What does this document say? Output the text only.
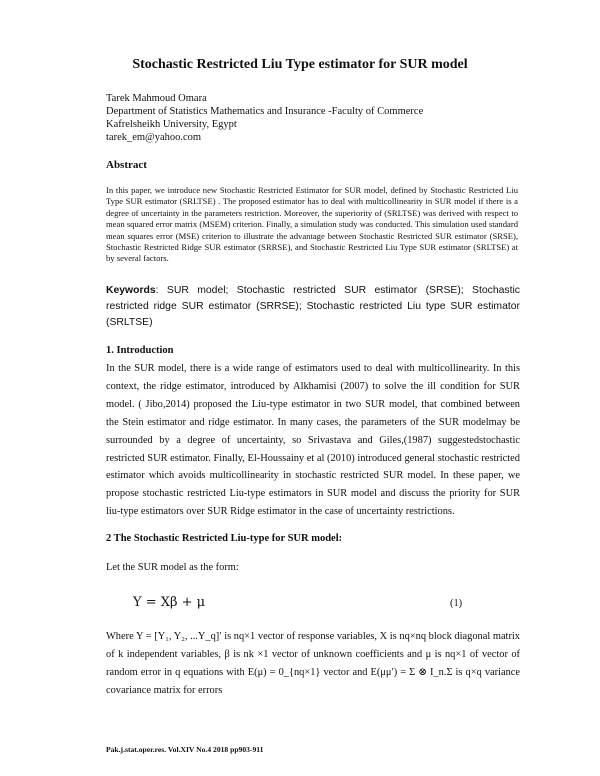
Stochastic Restricted Liu Type estimator for SUR model
Tarek Mahmoud Omara
Department of Statistics Mathematics and Insurance -Faculty of Commerce
Kafrelsheikh University, Egypt
tarek_em@yahoo.com
Abstract
In this paper, we introduce new Stochastic Restricted Estimator for SUR model, defined by Stochastic Restricted Liu Type SUR estimator (SRLTSE) . The proposed estimator has to deal with multicollinearity in SUR model if there is a degree of uncertainty in the parameters restriction. Moreover, the superiority of (SRLTSE) was derived with respect to mean squared error matrix (MSEM) criterion. Finally, a simulation study was conducted. This simulation used standard mean squares error (MSE) criterion to illustrate the advantage between Stochastic Restricted SUR estimator (SRSE), Stochastic Restricted Ridge SUR estimator (SRRSE), and Stochastic Restricted Liu Type SUR estimator (SRLTSE) at by several factors.
Keywords: SUR model; Stochastic restricted SUR estimator (SRSE); Stochastic restricted ridge SUR estimator (SRRSE); Stochastic restricted Liu type SUR estimator (SRLTSE)
1. Introduction
In the SUR model, there is a wide range of estimators used to deal with multicollinearity. In this context, the ridge estimator, introduced by Alkhamisi (2007) to solve the ill condition for SUR model. ( Jibo,2014) proposed the Liu-type estimator in two SUR model, that combined between the Stein estimator and ridge estimator. In many cases, the parameters of the SUR modelmay be surrounded by a degree of uncertainty, so Srivastava and Giles,(1987) suggestedstochastic restricted SUR estimator. Finally, El-Houssainy et al (2010) introduced general stochastic restricted estimator which avoids multicollinearity in stochastic restricted SUR model. In these paper, we propose stochastic restricted Liu-type estimators in SUR model and discuss the priority for SUR liu-type estimators over SUR Ridge estimator in the case of uncertainty restrictions.
2 The Stochastic Restricted Liu-type for SUR model:
Let the SUR model as the form:
Y = Xβ + μ	(1)
Where Y = [Y₁, Y₂, ...Y_q]′ is nq×1 vector of response variables, X is nq×nq block diagonal matrix of k independent variables, β is nk ×1 vector of unknown coefficients and μ is nq×1 of vector of random error in q equations with E(μ) = 0_{nq×1} vector and E(μμ′) = Σ ⊗ I_n.Σ is q×q variance covariance matrix for errors
Pak.j.stat.oper.res. Vol.XIV No.4 2018 pp903-911
